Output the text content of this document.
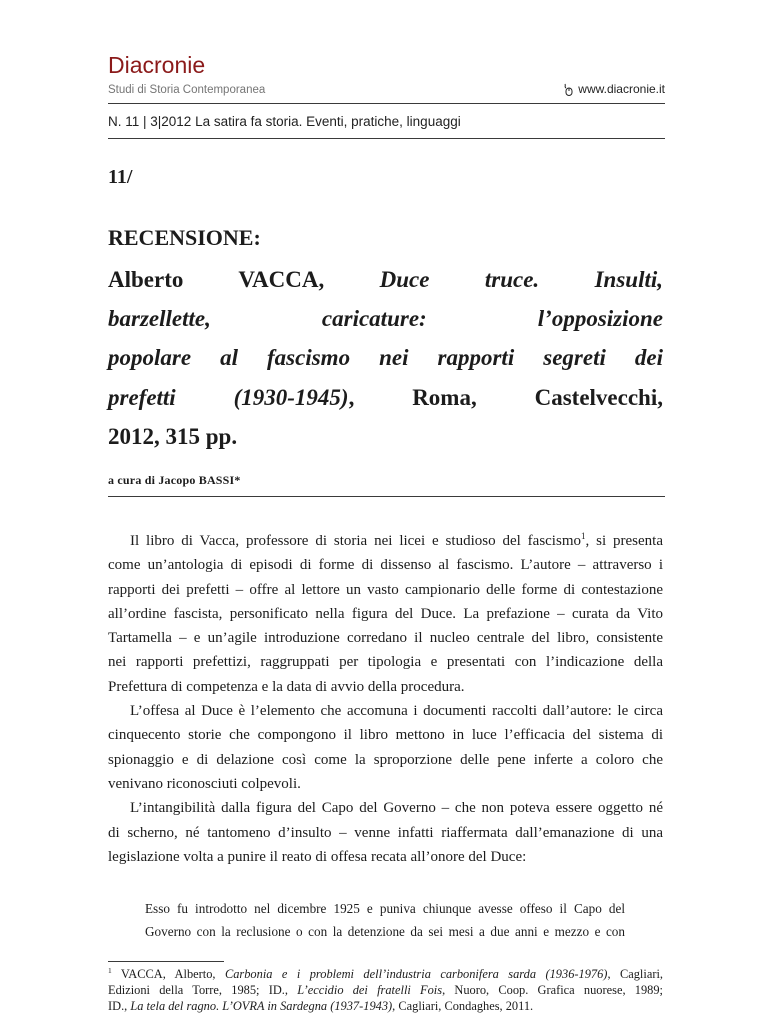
Diacronie
Studi di Storia Contemporanea	www.diacronie.it
N. 11 | 3|2012 La satira fa storia. Eventi, pratiche, linguaggi
11/
RECENSIONE:
Alberto VACCA, Duce truce. Insulti,
barzellette, caricature: l’opposizione
popolare al fascismo nei rapporti segreti dei
prefetti (1930-1945), Roma, Castelvecchi,
2012, 315 pp.
a cura di Jacopo BASSI*
Il libro di Vacca, professore di storia nei licei e studioso del fascismo$^1$, si presenta
come un’antologia di episodi di forme di dissenso al fascismo. L’autore – attraverso i
rapporti dei prefetti – offre al lettore un vasto campionario delle forme di contestazione
all’ordine fascista, personificato nella figura del Duce. La prefazione – curata da Vito
Tartamella – e un’agile introduzione corredano il nucleo centrale del libro, consistente
nei rapporti prefettizi, raggruppati per tipologia e presentati con l’indicazione della
Prefettura di competenza e la data di avvio della procedura.
L’offesa al Duce è l’elemento che accomuna i documenti raccolti dall’autore: le circa
cinquecento storie che compongono il libro mettono in luce l’efficacia del sistema di
spionaggio e di delazione così come la sproporzione delle pene inferte a coloro che
venivano riconosciuti colpevoli.
L’intangibilità dalla figura del Capo del Governo – che non poteva essere oggetto né
di scherno, né tantomeno d’insulto – venne infatti riaffermata dall’emanazione di una
legislazione volta a punire il reato di offesa recata all’onore del Duce:
Esso fu introdotto nel dicembre 1925 e puniva chiunque avesse offeso il Capo del
Governo con la reclusione o con la detenzione da sei mesi a due anni e mezzo e con
$^1$ VACCA, Alberto, Carbonia e i problemi dell’industria carbonifera sarda (1936-1976), Cagliari,
Edizioni della Torre, 1985; ID., L’eccidio dei fratelli Fois, Nuoro, Coop. Grafica nuorese, 1989;
ID., La tela del ragno. L’OVRA in Sardegna (1937-1943), Cagliari, Condaghes, 2011.
